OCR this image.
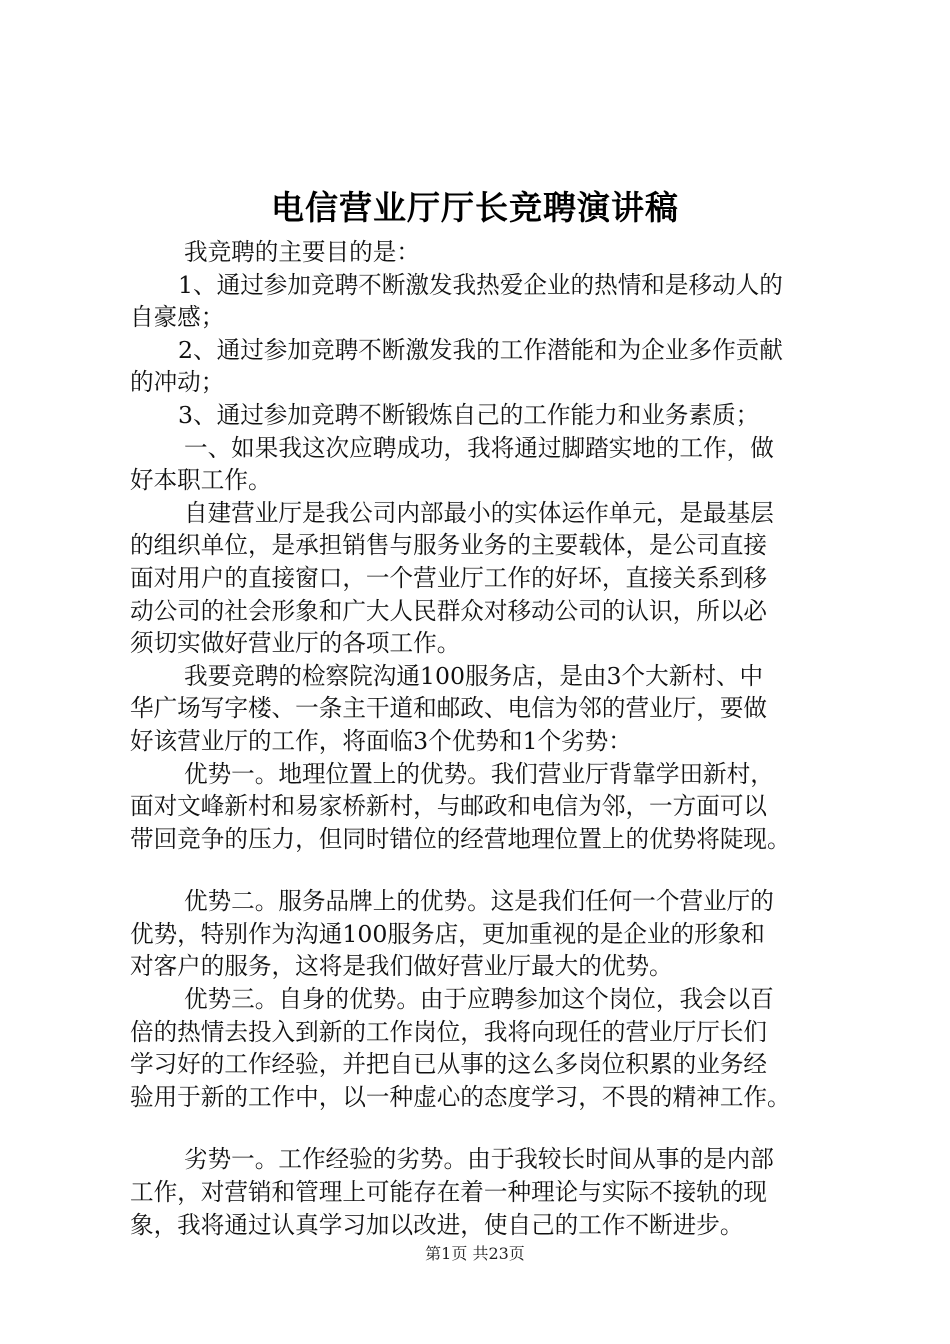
电信营业厅厅长竞聘演讲稿
我竞聘的主要目的是：
1、通过参加竞聘不断激发我热爱企业的热情和是移动人的
自豪感；
2、通过参加竞聘不断激发我的工作潜能和为企业多作贡献
的冲动；
3、通过参加竞聘不断锻炼自己的工作能力和业务素质；
一、如果我这次应聘成功，我将通过脚踏实地的工作，做
好本职工作。
自建营业厅是我公司内部最小的实体运作单元，是最基层
的组织单位，是承担销售与服务业务的主要载体，是公司直接
面对用户的直接窗口，一个营业厅工作的好坏，直接关系到移
动公司的社会形象和广大人民群众对移动公司的认识，所以必
须切实做好营业厅的各项工作。
我要竞聘的检察院沟通100服务店，是由3个大新村、中
华广场写字楼、一条主干道和邮政、电信为邻的营业厅，要做
好该营业厅的工作，将面临3个优势和1个劣势：
优势一。地理位置上的优势。我们营业厅背靠学田新村，
面对文峰新村和易家桥新村，与邮政和电信为邻，一方面可以
带回竞争的压力，但同时错位的经营地理位置上的优势将陡现。
优势二。服务品牌上的优势。这是我们任何一个营业厅的
优势，特别作为沟通100服务店，更加重视的是企业的形象和
对客户的服务，这将是我们做好营业厅最大的优势。
优势三。自身的优势。由于应聘参加这个岗位，我会以百
倍的热情去投入到新的工作岗位，我将向现任的营业厅厅长们
学习好的工作经验，并把自已从事的这么多岗位积累的业务经
验用于新的工作中，以一种虚心的态度学习，不畏的精神工作。
劣势一。工作经验的劣势。由于我较长时间从事的是内部
工作，对营销和管理上可能存在着一种理论与实际不接轨的现
象，我将通过认真学习加以改进，使自己的工作不断进步。
第1页 共23页
